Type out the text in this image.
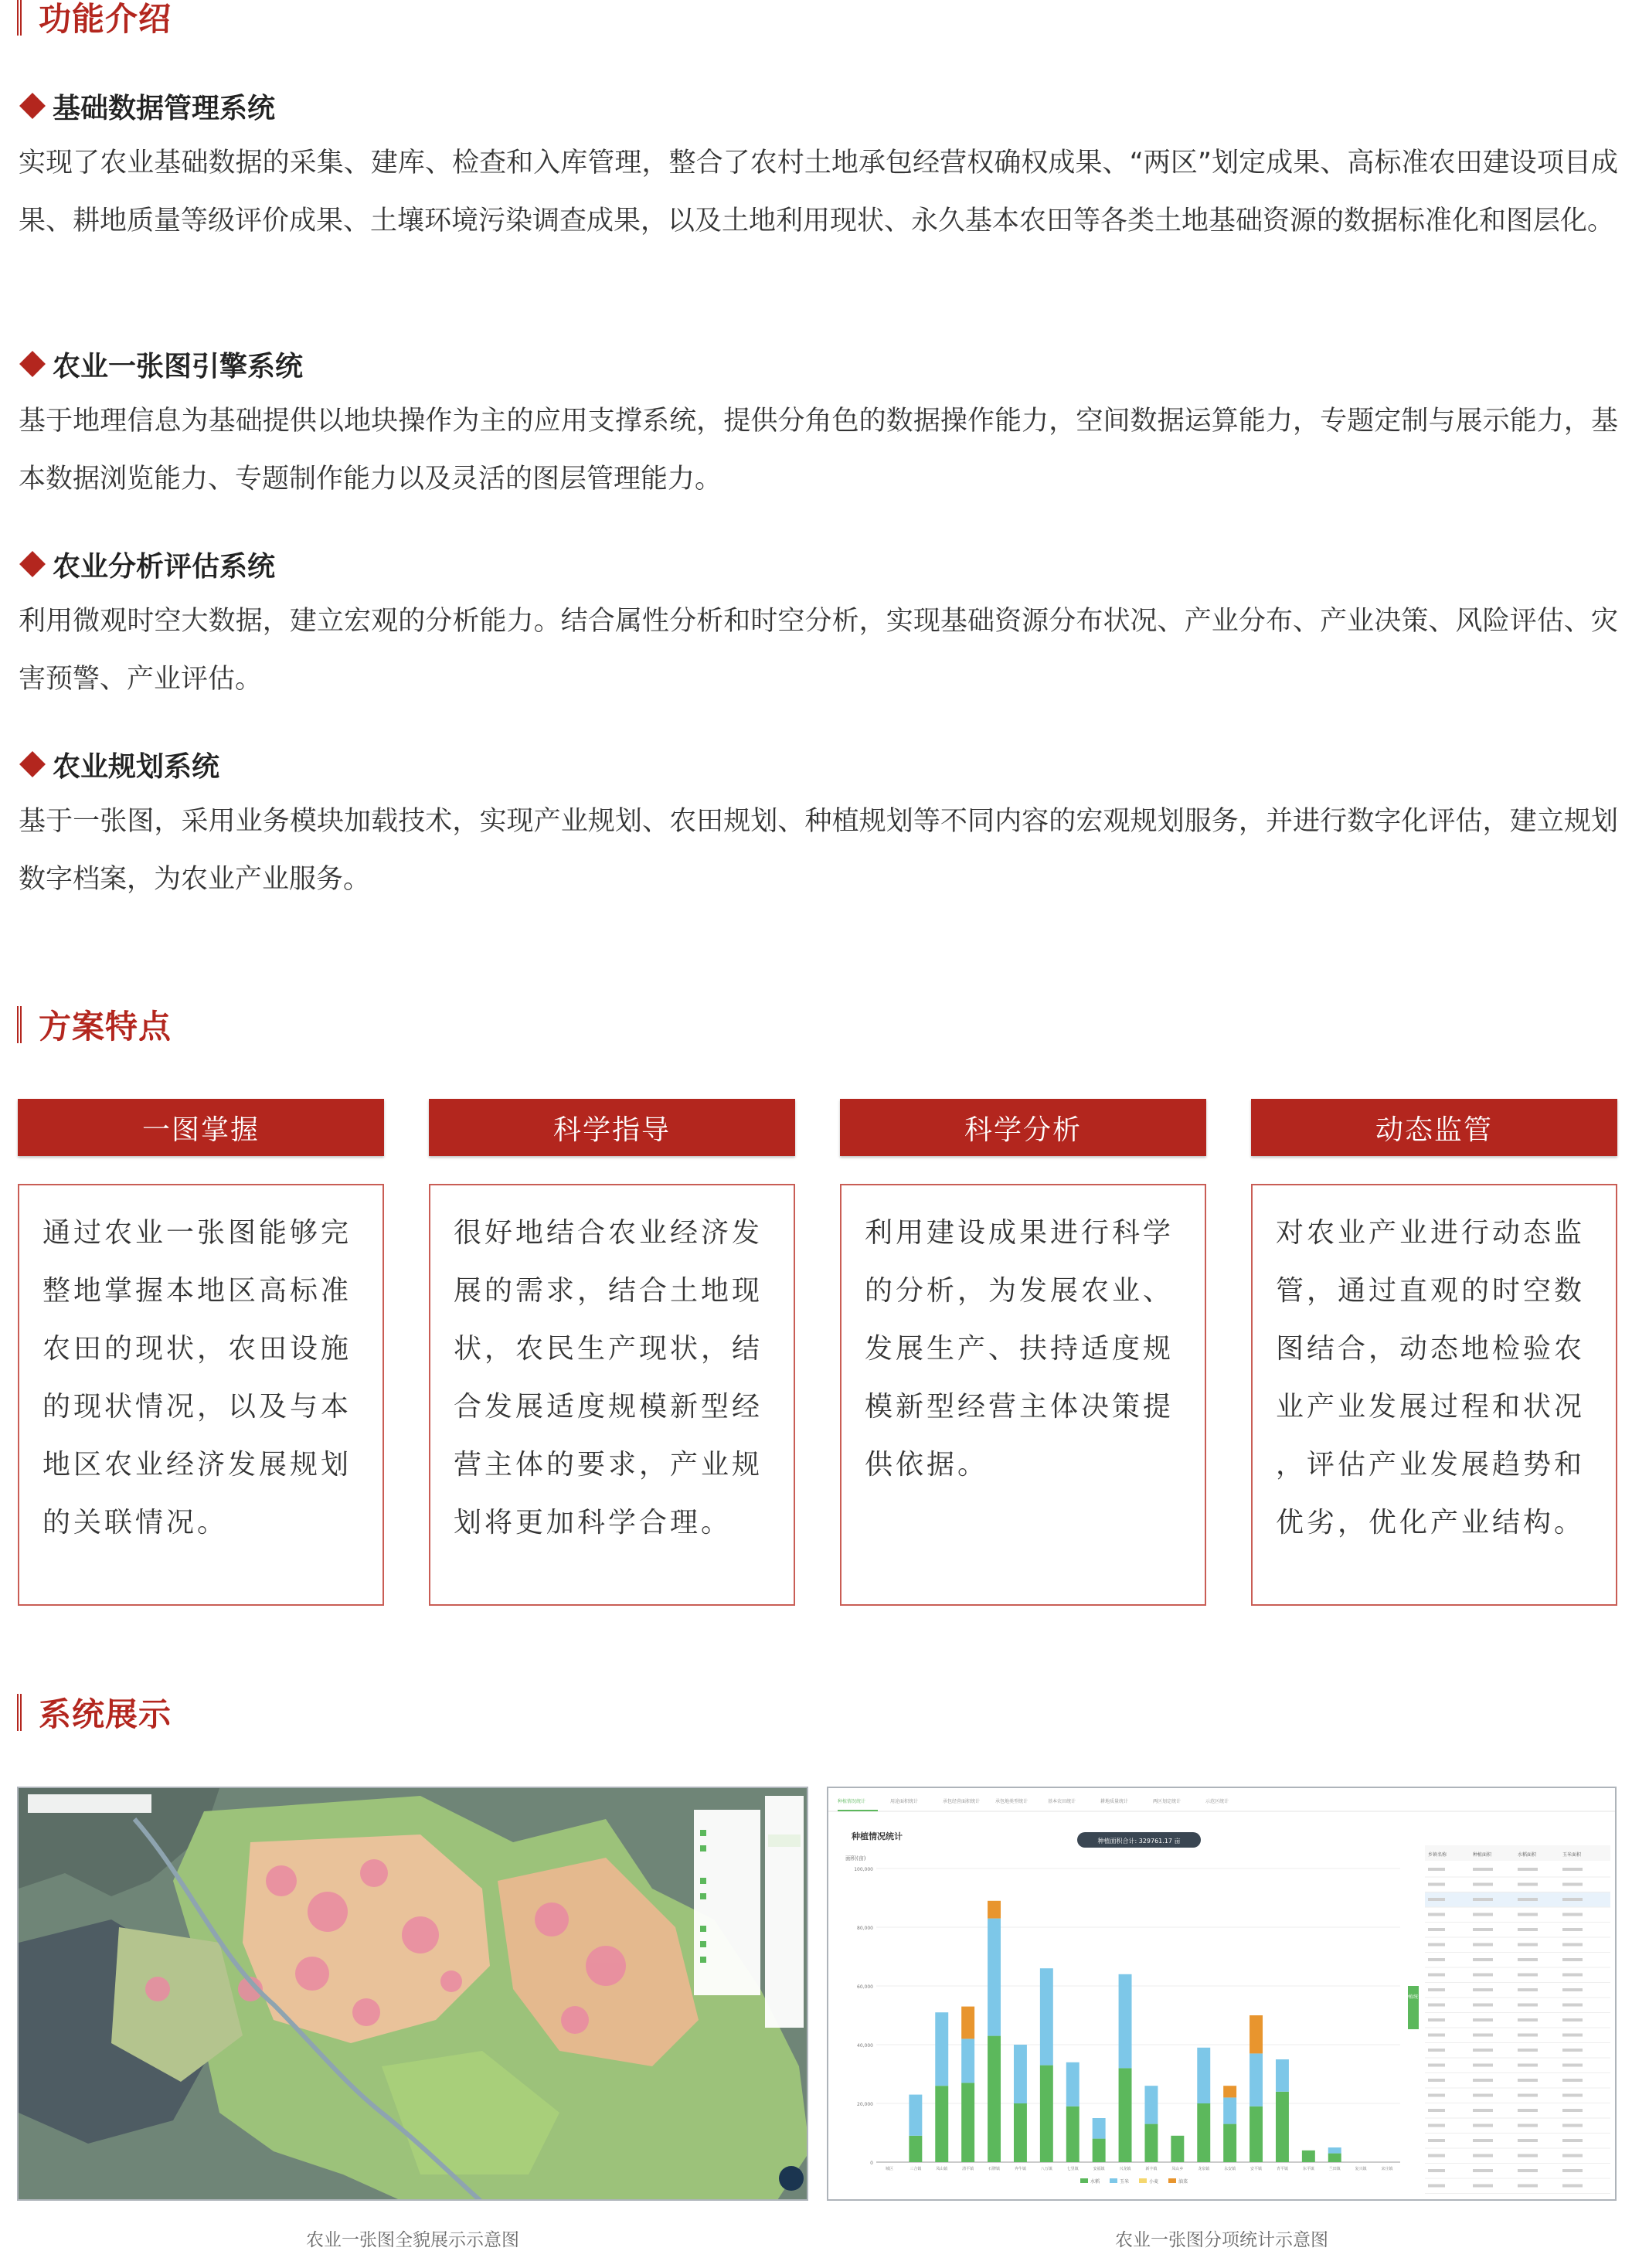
功能介绍
基础数据管理系统

实现了农业基础数据的采集、建库、检查和入库管理，整合了农村土地承包经营权确权成果、“两区”划定成果、高标准农田建设项目成果、耕地质量等级评价成果、土壤环境污染调查成果，以及土地利用现状、永久基本农田等各类土地基础资源的数据标准化和图层化。

农业一张图引擎系统

基于地理信息为基础提供以地块操作为主的应用支撑系统，提供分角色的数据操作能力，空间数据运算能力，专题定制与展示能力，基本数据浏览能力、专题制作能力以及灵活的图层管理能力。

农业分析评估系统

利用微观时空大数据，建立宏观的分析能力。结合属性分析和时空分析，实现基础资源分布状况、产业分布、产业决策、风险评估、灾害预警、产业评估。

农业规划系统

基于一张图，采用业务模块加载技术，实现产业规划、农田规划、种植规划等不同内容的宏观规划服务，并进行数字化评估，建立规划数字档案，为农业产业服务。

方案特点
一图掌握	科学指导	科学分析	动态监管
通过农业一张图能够完
整地掌握本地区高标准
农田的现状，农田设施
的现状情况，以及与本
地区农业经济发展规划
的关联情况。
很好地结合农业经济发
展的需求，结合土地现
状，农民生产现状，结
合发展适度规模新型经
营主体的要求，产业规
划将更加科学合理。
利用建设成果进行科学
的分析，为发展农业、
发展生产、扶持适度规
模新型经营主体决策提
供依据。
对农业产业进行动态监
管，通过直观的时空数
图结合，动态地检验农
业产业发展过程和状况
，评估产业发展趋势和
优劣，优化产业结构。
系统展示
农业一张图全貌展示示意图
种植情况统计	用途面积统计	承包经营面积统计	承包地类型统计	基本农田统计	耕地质量统计	两区划定统计	示范区统计
种植情况统计	种植面积合计: 329761.17 亩
面积(亩)
0
20,000
40,000
60,000
80,000
100,000
城区	三合镇	凤山镇	清平镇	石牌镇	奔牛镇	八万镇	七里镇	安福镇	兴龙镇	新丰镇	凤山乡	龙泉镇	永安镇	安平镇	青平镇	东平镇	兰田镇	复兴镇	宋庄镇
水稻	玉米	小麦	油菜
种植统计
乡镇名称	种植面积	水稻面积	玉米面积
农业一张图分项统计示意图
